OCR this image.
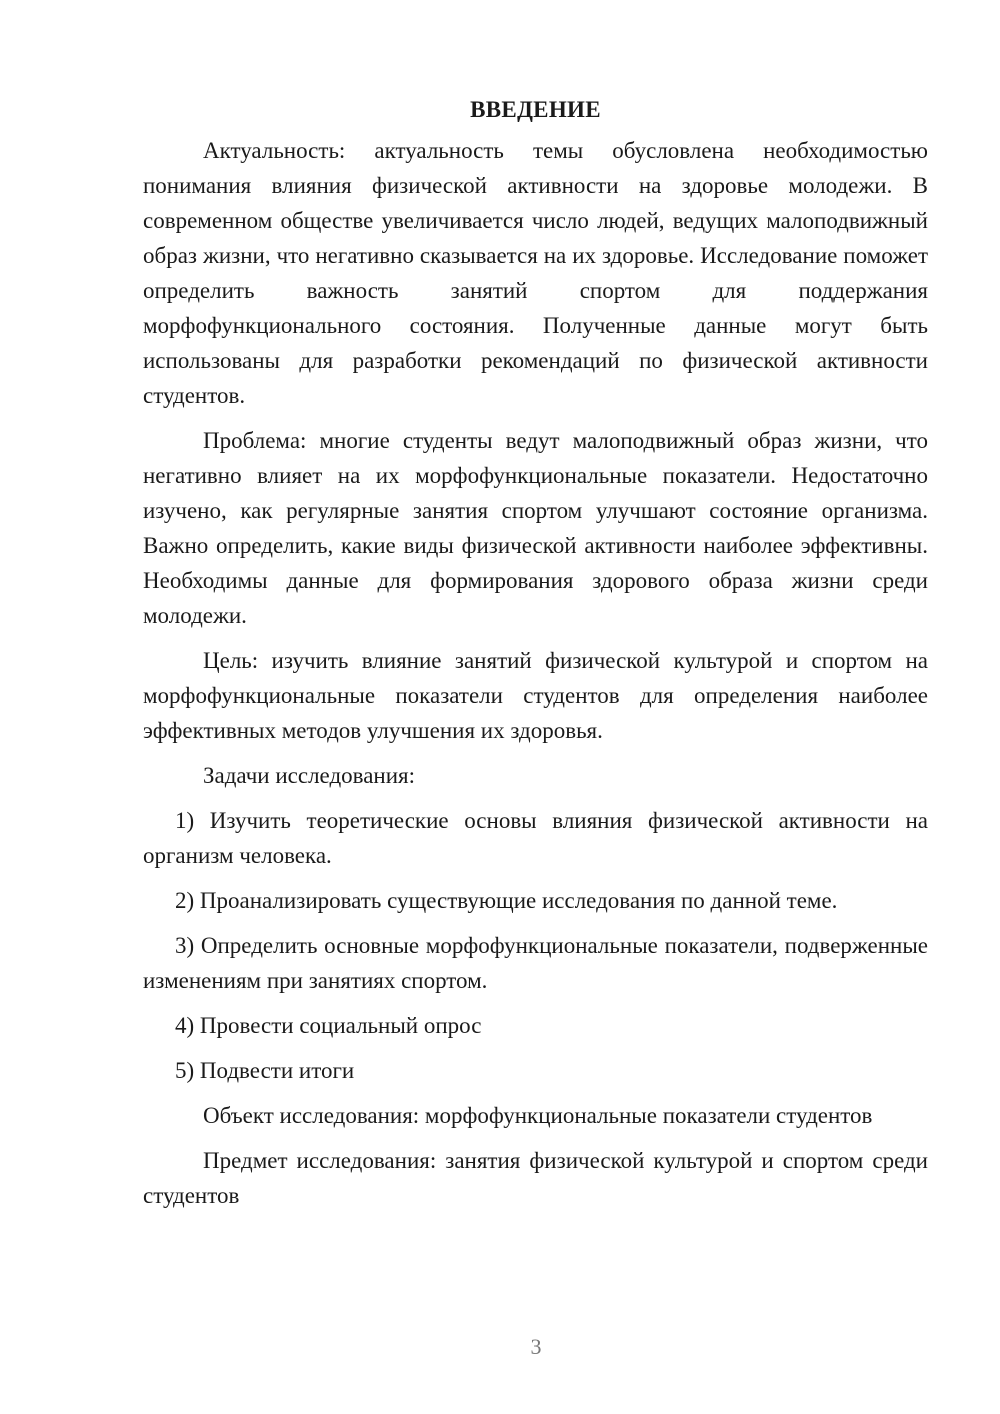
ВВЕДЕНИЕ

Актуальность: актуальность темы обусловлена необходимостью понимания влияния физической активности на здоровье молодежи. В современном обществе увеличивается число людей, ведущих малоподвижный образ жизни, что негативно сказывается на их здоровье. Исследование поможет определить важность занятий спортом для поддержания морфофункционального состояния. Полученные данные могут быть использованы для разработки рекомендаций по физической активности студентов.

Проблема: многие студенты ведут малоподвижный образ жизни, что негативно влияет на их морфофункциональные показатели. Недостаточно изучено, как регулярные занятия спортом улучшают состояние организма. Важно определить, какие виды физической активности наиболее эффективны. Необходимы данные для формирования здорового образа жизни среди молодежи.

Цель: изучить влияние занятий физической культурой и спортом на морфофункциональные показатели студентов для определения наиболее эффективных методов улучшения их здоровья.

Задачи исследования:

1) Изучить теоретические основы влияния физической активности на организм человека.

2) Проанализировать существующие исследования по данной теме.

3) Определить основные морфофункциональные показатели, подверженные изменениям при занятиях спортом.

4) Провести социальный опрос

5) Подвести итоги

Объект исследования: морфофункциональные показатели студентов

Предмет исследования: занятия физической культурой и спортом среди студентов

3
